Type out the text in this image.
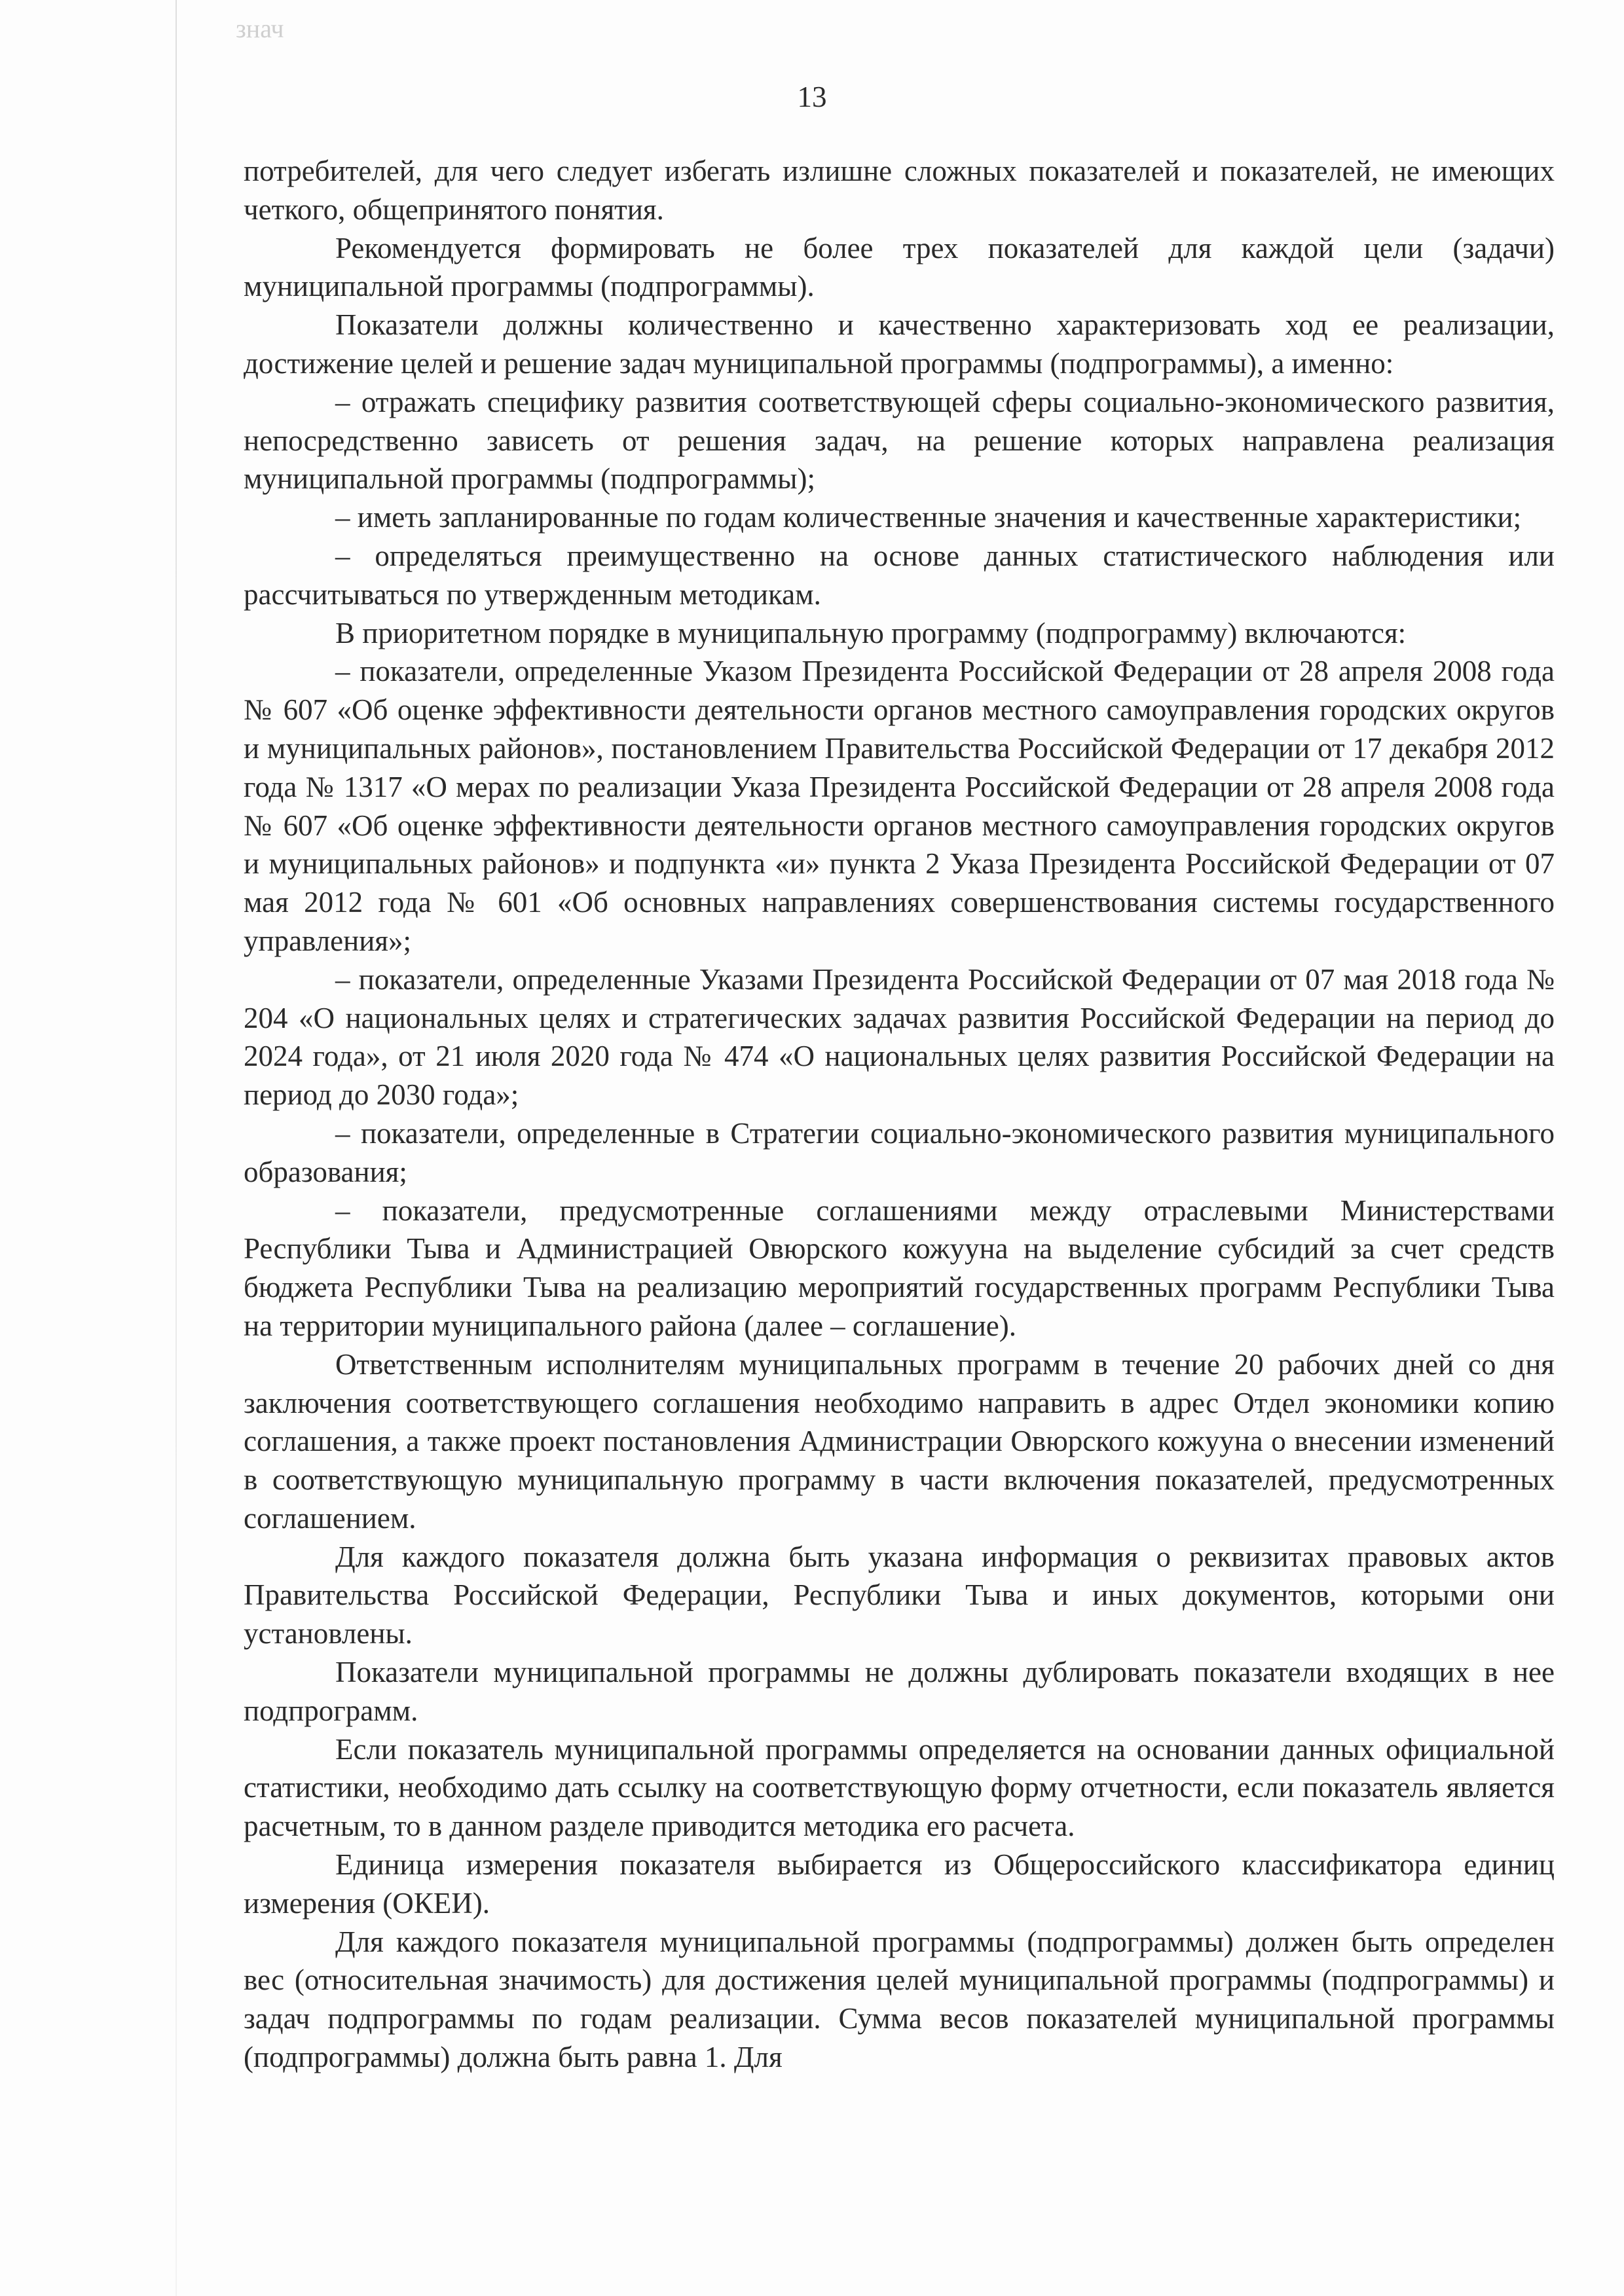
знач
13

потребителей, для чего следует избегать излишне сложных показателей и показателей, не имеющих четкого, общепринятого понятия.

Рекомендуется формировать не более трех показателей для каждой цели (задачи) муниципальной программы (подпрограммы).

Показатели должны количественно и качественно характеризовать ход ее реализации, достижение целей и решение задач муниципальной программы (подпрограммы), а именно:

– отражать специфику развития соответствующей сферы социально-экономического развития, непосредственно зависеть от решения задач, на решение которых направлена реализация муниципальной программы (подпрограммы);

– иметь запланированные по годам количественные значения и качественные характеристики;

– определяться преимущественно на основе данных статистического наблюдения или рассчитываться по утвержденным методикам.

В приоритетном порядке в муниципальную программу (подпрограмму) включаются:

– показатели, определенные Указом Президента Российской Федерации от 28 апреля 2008 года № 607 «Об оценке эффективности деятельности органов местного самоуправления городских округов и муниципальных районов», постановлением Правительства Российской Федерации от 17 декабря 2012 года № 1317 «О мерах по реализации Указа Президента Российской Федерации от 28 апреля 2008 года № 607 «Об оценке эффективности деятельности органов местного самоуправления городских округов и муниципальных районов» и подпункта «и» пункта 2 Указа Президента Российской Федерации от 07 мая 2012 года № 601 «Об основных направлениях совершенствования системы государственного управления»;

– показатели, определенные Указами Президента Российской Федерации от 07 мая 2018 года № 204 «О национальных целях и стратегических задачах развития Российской Федерации на период до 2024 года», от 21 июля 2020 года № 474 «О национальных целях развития Российской Федерации на период до 2030 года»;

– показатели, определенные в Стратегии социально-экономического развития муниципального образования;

– показатели, предусмотренные соглашениями между отраслевыми Министерствами Республики Тыва и Администрацией Овюрского кожууна на выделение субсидий за счет средств бюджета Республики Тыва на реализацию мероприятий государственных программ Республики Тыва на территории муниципального района (далее – соглашение).

Ответственным исполнителям муниципальных программ в течение 20 рабочих дней со дня заключения соответствующего соглашения необходимо направить в адрес Отдел экономики копию соглашения, а также проект постановления Администрации Овюрского кожууна о внесении изменений в соответствующую муниципальную программу в части включения показателей, предусмотренных соглашением.

Для каждого показателя должна быть указана информация о реквизитах правовых актов Правительства Российской Федерации, Республики Тыва и иных документов, которыми они установлены.

Показатели муниципальной программы не должны дублировать показатели входящих в нее подпрограмм.

Если показатель муниципальной программы определяется на основании данных официальной статистики, необходимо дать ссылку на соответствующую форму отчетности, если показатель является расчетным, то в данном разделе приводится методика его расчета.

Единица измерения показателя выбирается из Общероссийского классификатора единиц измерения (ОКЕИ).

Для каждого показателя муниципальной программы (подпрограммы) должен быть определен вес (относительная значимость) для достижения целей муниципальной программы (подпрограммы) и задач подпрограммы по годам реализации. Сумма весов показателей муниципальной программы (подпрограммы) должна быть равна 1. Для
